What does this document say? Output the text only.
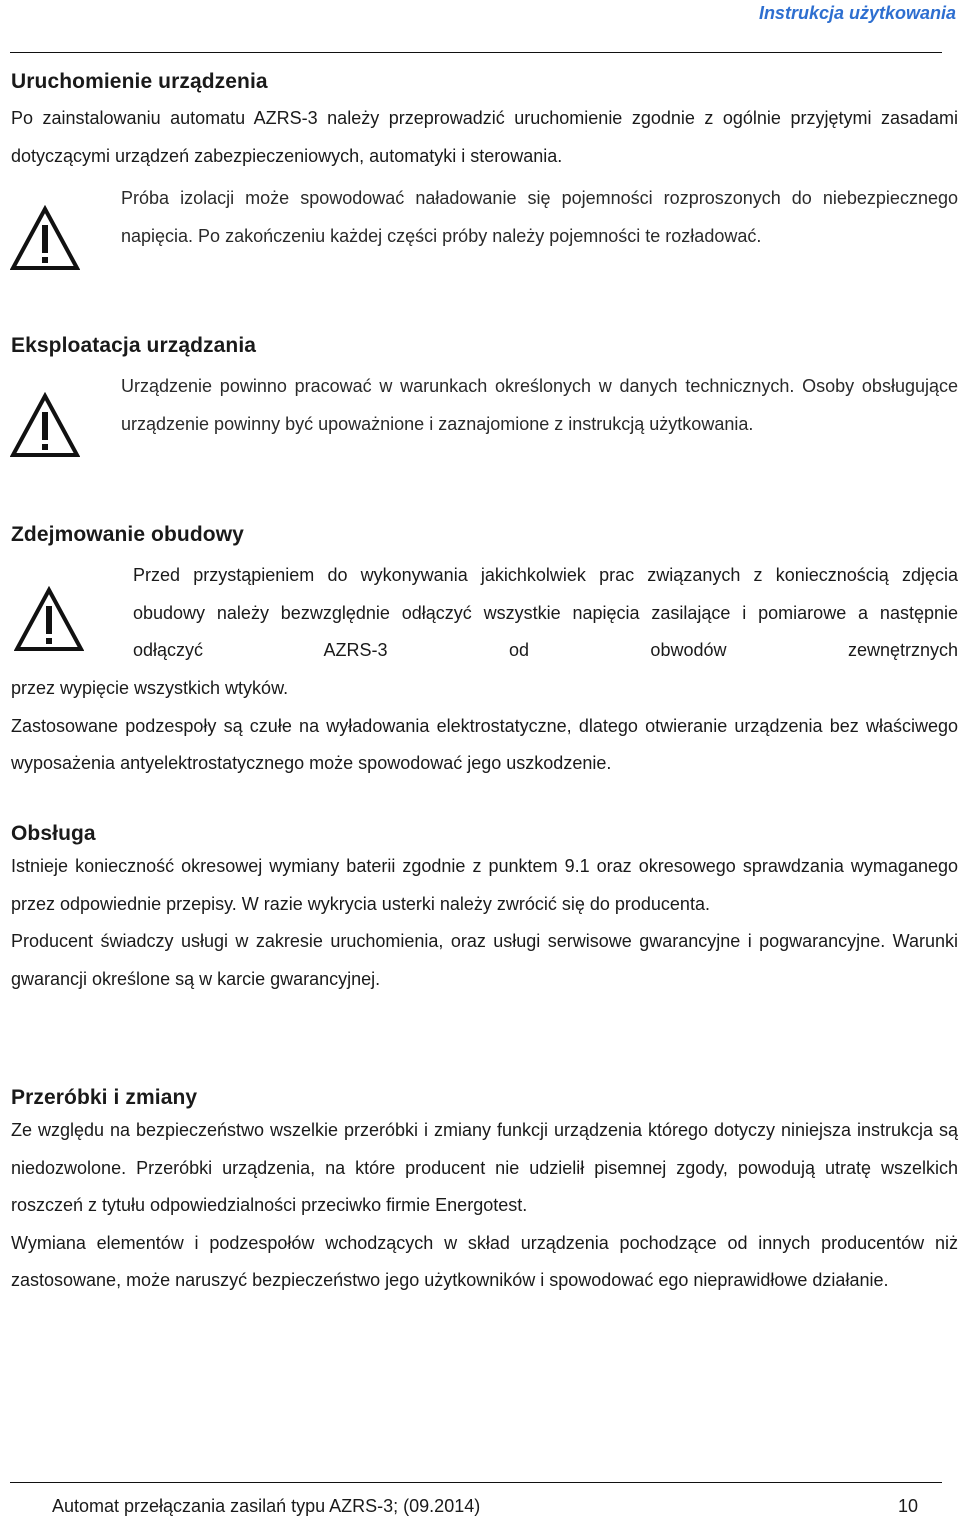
Instrukcja użytkowania
Uruchomienie urządzenia

Po zainstalowaniu automatu AZRS-3 należy przeprowadzić uruchomienie zgodnie z ogólnie przyjętymi zasadami dotyczącymi urządzeń zabezpieczeniowych, automatyki i sterowania.

Próba izolacji może spowodować naładowanie się pojemności rozproszonych do niebezpiecznego napięcia. Po zakończeniu każdej części próby należy pojemności te rozładować.

Eksploatacja urządzania

Urządzenie powinno pracować w warunkach określonych w danych technicznych. Osoby obsługujące urządzenie powinny być upoważnione i zaznajomione z instrukcją użytkowania.

Zdejmowanie obudowy

Przed przystąpieniem do wykonywania jakichkolwiek prac związanych z koniecznością zdjęcia obudowy należy bezwzględnie odłączyć wszystkie napięcia zasilające i pomiarowe a następnie odłączyć AZRS-3 od obwodów zewnętrznych

przez wypięcie wszystkich wtyków.

Zastosowane podzespoły są czułe na wyładowania elektrostatyczne, dlatego otwieranie urządzenia bez właściwego wyposażenia antyelektrostatycznego może spowodować jego uszkodzenie.

Obsługa

Istnieje konieczność okresowej wymiany baterii zgodnie z punktem 9.1 oraz okresowego sprawdzania wymaganego przez odpowiednie przepisy. W razie wykrycia usterki należy zwrócić się do producenta.

Producent świadczy usługi w zakresie uruchomienia, oraz usługi serwisowe gwarancyjne i pogwarancyjne. Warunki gwarancji określone są w karcie gwarancyjnej.

Przeróbki i zmiany

Ze względu na bezpieczeństwo wszelkie przeróbki i zmiany funkcji urządzenia którego dotyczy niniejsza instrukcja są niedozwolone. Przeróbki urządzenia, na które producent nie udzielił pisemnej zgody, powodują utratę wszelkich roszczeń z tytułu odpowiedzialności przeciwko firmie Energotest.

Wymiana elementów i podzespołów wchodzących w skład urządzenia pochodzące od innych producentów niż zastosowane, może naruszyć bezpieczeństwo jego użytkowników i spowodować ego nieprawidłowe działanie.

Automat przełączania zasilań typu AZRS-3; (09.2014)	10
